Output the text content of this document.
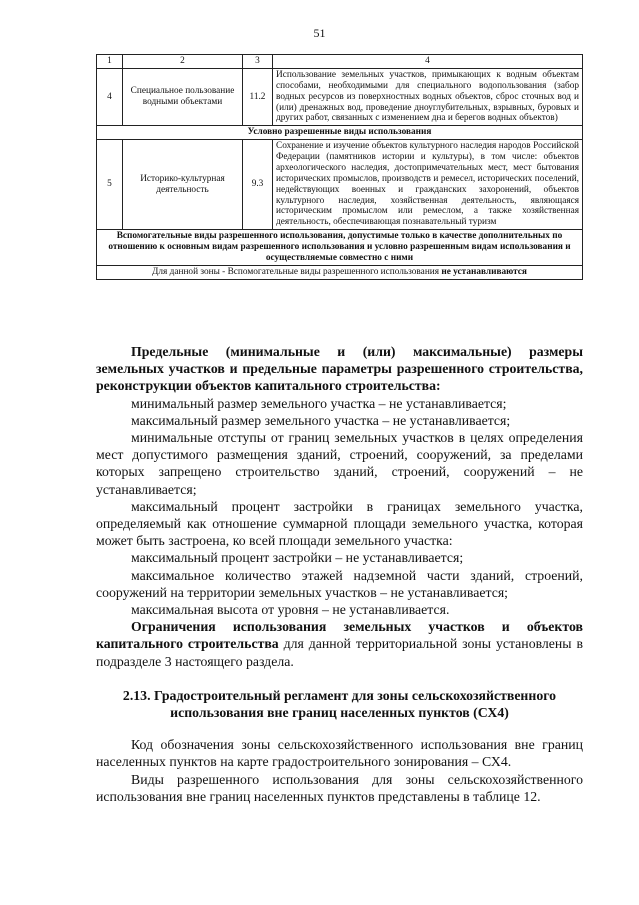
51
1	2	3	4
4	Специальное пользование водными объектами	11.2	Использование земельных участков, примыкающих к водным объектам способами, необходимыми для специального водопользования (забор водных ресурсов из поверхностных водных объектов, сброс сточных вод и (или) дренажных вод, проведение дноуглубительных, взрывных, буровых и других работ, связанных с изменением дна и берегов водных объектов)
Условно разрешенные виды использования			
5	Историко-культурная деятельность	9.3	Сохранение и изучение объектов культурного наследия народов Российской Федерации (памятников истории и культуры), в том числе: объектов археологического наследия, достопримечательных мест, мест бытования исторических промыслов, производств и ремесел, исторических поселений, недействующих военных и гражданских захоронений, объектов культурного наследия, хозяйственная деятельность, являющаяся историческим промыслом или ремеслом, а также хозяйственная деятельность, обеспечивающая познавательный туризм
Вспомогательные виды разрешенного использования, допустимые только в качестве дополнительных по отношению к основным видам разрешенного использования и условно разрешенным видам использования и осуществляемые совместно с ними			
Для данной зоны - Вспомогательные виды разрешенного использования не устанавливаются			

Предельные (минимальные и (или) максимальные) размеры земельных участков и предельные параметры разрешенного строительства, реконструкции объектов капитального строительства:

минимальный размер земельного участка – не устанавливается;

максимальный размер земельного участка – не устанавливается;

минимальные отступы от границ земельных участков в целях определения мест допустимого размещения зданий, строений, сооружений, за пределами которых запрещено строительство зданий, строений, сооружений – не устанавливается;

максимальный процент застройки в границах земельного участка, определяемый как отношение суммарной площади земельного участка, которая может быть застроена, ко всей площади земельного участка:

максимальный процент застройки – не устанавливается;

максимальное количество этажей надземной части зданий, строений, сооружений на территории земельных участков – не устанавливается;

максимальная высота от уровня – не устанавливается.

Ограничения использования земельных участков и объектов капитального строительства для данной территориальной зоны установлены в подразделе 3 настоящего раздела.

2.13. Градостроительный регламент для зоны сельскохозяйственного

использования вне границ населенных пунктов (СХ4)

Код обозначения зоны сельскохозяйственного использования вне границ населенных пунктов на карте градостроительного зонирования – СХ4.

Виды разрешенного использования для зоны сельскохозяйственного использования вне границ населенных пунктов представлены в таблице 12.
